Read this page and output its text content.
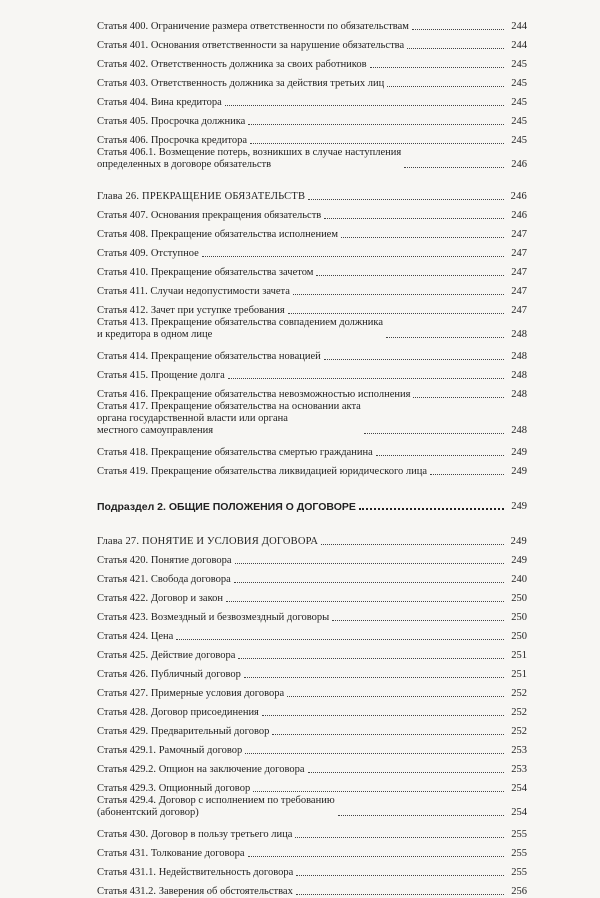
Статья 400. Ограничение размера ответственности по обязательствам	244
Статья 401. Основания ответственности за нарушение обязательства	244
Статья 402. Ответственность должника за своих работников	245
Статья 403. Ответственность должника за действия третьих лиц	245
Статья 404. Вина кредитора	245
Статья 405. Просрочка должника	245
Статья 406. Просрочка кредитора	245
Статья 406.1. Возмещение потерь, возникших в случае наступления
определенных в договоре обязательств	246
Глава 26. ПРЕКРАЩЕНИЕ ОБЯЗАТЕЛЬСТВ	246
Статья 407. Основания прекращения обязательств	246
Статья 408. Прекращение обязательства исполнением	247
Статья 409. Отступное	247
Статья 410. Прекращение обязательства зачетом	247
Статья 411. Случаи недопустимости зачета	247
Статья 412. Зачет при уступке требования	247
Статья 413. Прекращение обязательства совпадением должника
и кредитора в одном лице	248
Статья 414. Прекращение обязательства новацией	248
Статья 415. Прощение долга	248
Статья 416. Прекращение обязательства невозможностью исполнения	248
Статья 417. Прекращение обязательства на основании акта
органа государственной власти или органа
местного самоуправления	248
Статья 418. Прекращение обязательства смертью гражданина	249
Статья 419. Прекращение обязательства ликвидацией юридического лица	249
Подраздел 2. ОБЩИЕ ПОЛОЖЕНИЯ О ДОГОВОРЕ	249
Глава 27. ПОНЯТИЕ И УСЛОВИЯ ДОГОВОРА	249
Статья 420. Понятие договора	249
Статья 421. Свобода договора	240
Статья 422. Договор и закон	250
Статья 423. Возмездный и безвозмездный договоры	250
Статья 424. Цена	250
Статья 425. Действие договора	251
Статья 426. Публичный договор	251
Статья 427. Примерные условия договора	252
Статья 428. Договор присоединения	252
Статья 429. Предварительный договор	252
Статья 429.1. Рамочный договор	253
Статья 429.2. Опцион на заключение договора	253
Статья 429.3. Опционный договор	254
Статья 429.4. Договор с исполнением по требованию
(абонентский договор)	254
Статья 430. Договор в пользу третьего лица	255
Статья 431. Толкование договора	255
Статья 431.1. Недействительность договора	255
Статья 431.2. Заверения об обстоятельствах	256
